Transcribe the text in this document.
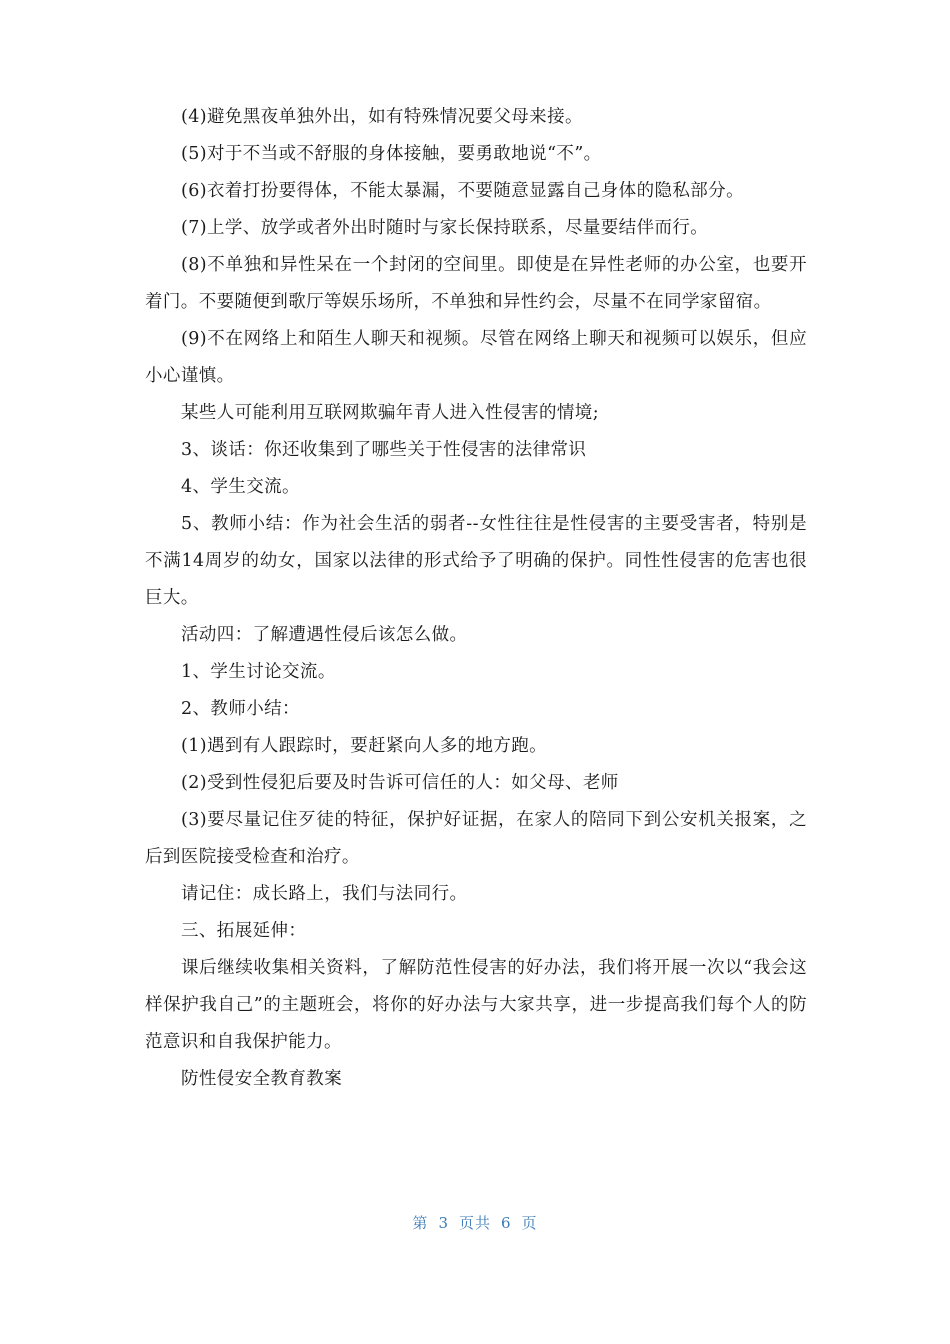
(4)避免黑夜单独外出，如有特殊情况要父母来接。

(5)对于不当或不舒服的身体接触，要勇敢地说“不”。

(6)衣着打扮要得体，不能太暴漏，不要随意显露自己身体的隐私部分。

(7)上学、放学或者外出时随时与家长保持联系，尽量要结伴而行。

(8)不单独和异性呆在一个封闭的空间里。即使是在异性老师的办公室，也要开着门。不要随便到歌厅等娱乐场所，不单独和异性约会，尽量不在同学家留宿。

(9)不在网络上和陌生人聊天和视频。尽管在网络上聊天和视频可以娱乐，但应小心谨慎。

某些人可能利用互联网欺骗年青人进入性侵害的情境;

3、谈话：你还收集到了哪些关于性侵害的法律常识

4、学生交流。

5、教师小结：作为社会生活的弱者--女性往往是性侵害的主要受害者，特别是不满14周岁的幼女，国家以法律的形式给予了明确的保护。同性性侵害的危害也很巨大。

活动四：了解遭遇性侵后该怎么做。

1、学生讨论交流。

2、教师小结：

(1)遇到有人跟踪时，要赶紧向人多的地方跑。

(2)受到性侵犯后要及时告诉可信任的人：如父母、老师

(3)要尽量记住歹徒的特征，保护好证据，在家人的陪同下到公安机关报案，之后到医院接受检查和治疗。

请记住：成长路上，我们与法同行。

三、拓展延伸：

课后继续收集相关资料，了解防范性侵害的好办法，我们将开展一次以“我会这样保护我自己”的主题班会，将你的好办法与大家共享，进一步提高我们每个人的防范意识和自我保护能力。

防性侵安全教育教案

第 3 页共 6 页
